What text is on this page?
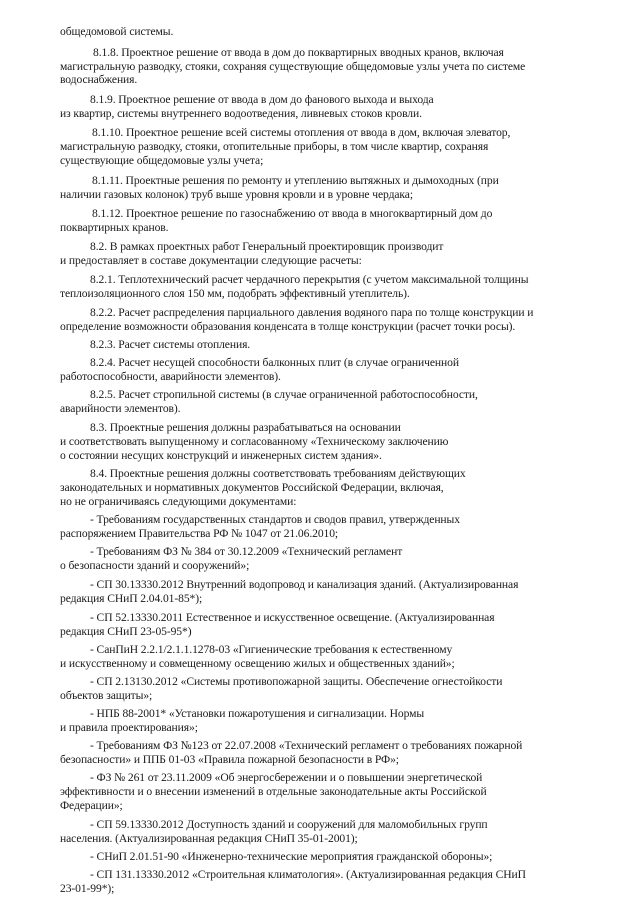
общедомовой системы.
8.1.8. Проектное решение от ввода в дом до поквартирных вводных кранов, включая
магистральную разводку, стояки, сохраняя существующие общедомовые узлы учета по системе
водоснабжения.
8.1.9. Проектное решение от ввода в дом до фанового выхода и выхода
из квартир, системы внутреннего водоотведения, ливневых стоков кровли.
8.1.10. Проектное решение всей системы отопления от ввода в дом, включая элеватор,
магистральную разводку, стояки, отопительные приборы, в том числе квартир, сохраняя
существующие общедомовые узлы учета;
8.1.11. Проектные решения по ремонту и утеплению вытяжных и дымоходных (при
наличии газовых колонок) труб выше уровня кровли и в уровне чердака;
8.1.12. Проектное решение по газоснабжению от ввода в многоквартирный дом до
поквартирных кранов.
8.2. В рамках проектных работ Генеральный проектировщик производит
и предоставляет в составе документации следующие расчеты:
8.2.1. Теплотехнический расчет чердачного перекрытия (с учетом максимальной толщины
теплоизоляционного слоя 150 мм, подобрать эффективный утеплитель).
8.2.2. Расчет распределения парциального давления водяного пара по толще конструкции и
определение возможности образования конденсата в толще конструкции (расчет точки росы).
8.2.3. Расчет системы отопления.
8.2.4. Расчет несущей способности балконных плит (в случае ограниченной
работоспособности, аварийности элементов).
8.2.5. Расчет стропильной системы (в случае ограниченной работоспособности,
аварийности элементов).
8.3. Проектные решения должны разрабатываться на основании
и соответствовать выпущенному и согласованному «Техническому заключению
о состоянии несущих конструкций и инженерных систем здания».
8.4. Проектные решения должны соответствовать требованиям действующих
законодательных и нормативных документов Российской Федерации, включая,
но не ограничиваясь следующими документами:
- Требованиям государственных стандартов и сводов правил, утвержденных
распоряжением Правительства РФ № 1047 от 21.06.2010;
- Требованиям ФЗ № 384 от 30.12.2009 «Технический регламент
о безопасности зданий и сооружений»;
- СП 30.13330.2012 Внутренний водопровод и канализация зданий. (Актуализированная
редакция СНиП 2.04.01-85*);
- СП 52.13330.2011 Естественное и искусственное освещение. (Актуализированная
редакция СНиП 23-05-95*)
- СанПиН 2.2.1/2.1.1.1278-03 «Гигиенические требования к естественному
и искусственному и совмещенному освещению жилых и общественных зданий»;
- СП 2.13130.2012 «Системы противопожарной защиты. Обеспечение огнестойкости
объектов защиты»;
- НПБ 88-2001* «Установки пожаротушения и сигнализации. Нормы
и правила проектирования»;
- Требованиям ФЗ №123 от 22.07.2008 «Технический регламент о требованиях пожарной
безопасности» и ППБ 01-03 «Правила пожарной безопасности в РФ»;
- ФЗ № 261 от 23.11.2009 «Об энергосбережении и о повышении энергетической
эффективности и о внесении изменений в отдельные законодательные акты Российской
Федерации»;
- СП 59.13330.2012 Доступность зданий и сооружений для маломобильных групп
населения. (Актуализированная редакция СНиП 35-01-2001);
- СНиП 2.01.51-90 «Инженерно-технические мероприятия гражданской обороны»;
- СП 131.13330.2012 «Строительная климатология». (Актуализированная редакция СНиП
23-01-99*);
